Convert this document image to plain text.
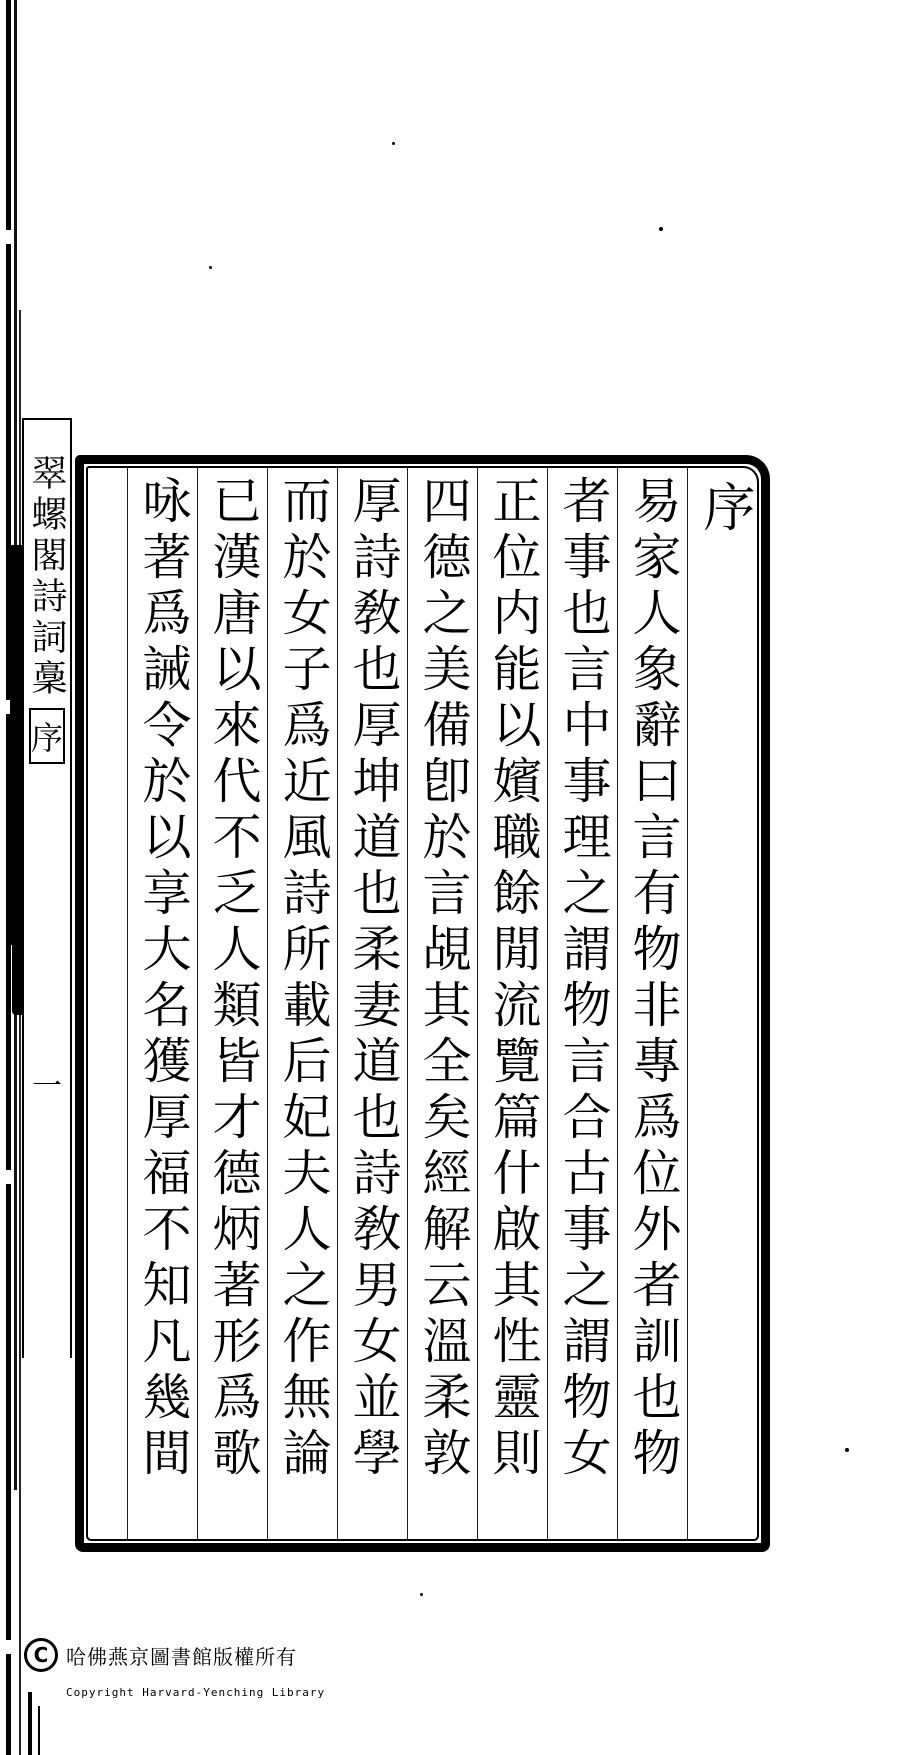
翠螺閣詩詞稾
序
一 咏著爲誡令於以享大名獲厚福不知凡幾間 已漢唐以來代不乏人類皆才德炳著形爲歌 而於女子爲近風詩所載后妃夫人之作無論 厚詩敎也厚坤道也柔妻道也詩敎男女並學 四德之美備卽於言覘其全矣經解云溫柔敦 正位内能以嬪職餘閒流覽篇什啟其性靈則 者事也言中事理之謂物言合古事之謂物女 易家人象辭曰言有物非專爲位外者訓也物 序
C 哈佛燕京圖書館版權所有
Copyright Harvard-Yenching Library
